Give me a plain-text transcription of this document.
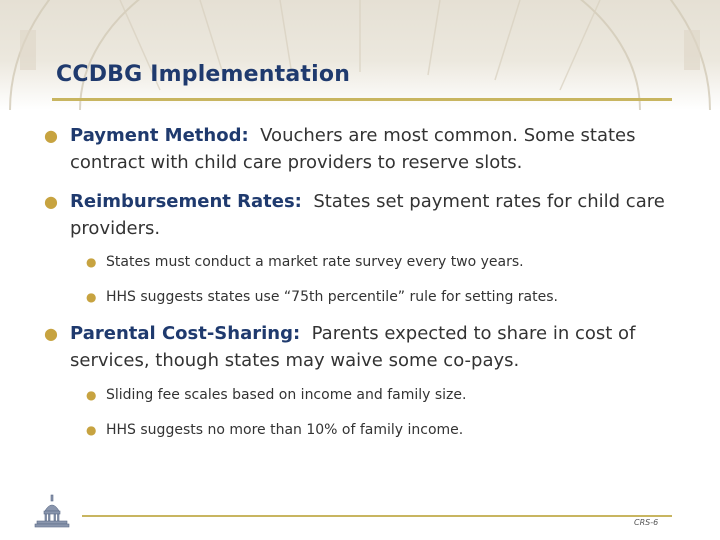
CCDBG Implementation
● Payment Method: Vouchers are most common. Some states contract with child care providers to reserve slots.
● Reimbursement Rates: States set payment rates for child care providers.
● States must conduct a market rate survey every two years.
● HHS suggests states use “75th percentile” rule for setting rates.
● Parental Cost-Sharing: Parents expected to share in cost of services, though states may waive some co-pays.
● Sliding fee scales based on income and family size.
● HHS suggests no more than 10% of family income.
CRS-6
